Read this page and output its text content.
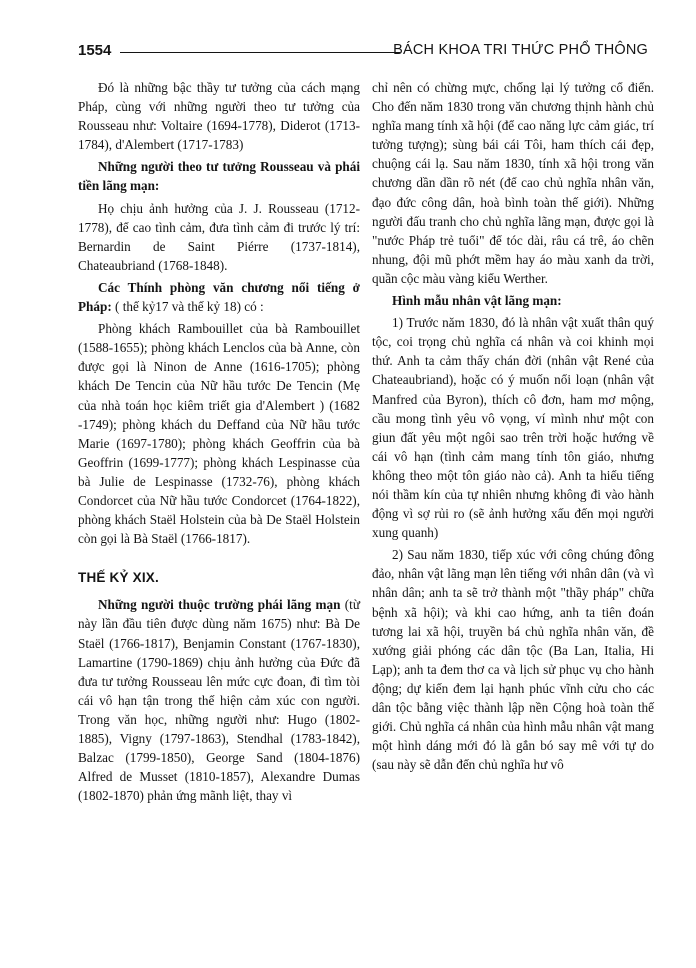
1554	BÁCH KHOA TRI THỨC PHỔ THÔNG

Đó là những bậc thầy tư tưởng của cách mạng Pháp, cùng với những người theo tư tưởng của Rousseau như: Voltaire (1694-1778), Diderot (1713-1784), d'Alembert (1717-1783)

Những người theo tư tưởng Rousseau và phái tiền lãng mạn:

Họ chịu ảnh hưởng của J. J. Rousseau (1712-1778), để cao tình cảm, đưa tình cảm đi trước lý trí: Bernardin de Saint Piérre (1737-1814), Chateaubriand (1768-1848).

Các Thính phòng văn chương nổi tiếng ở Pháp: ( thế kỷ17 và thế kỷ 18) có :

Phòng khách Rambouillet của bà Rambouillet (1588-1655); phòng khách Lenclos của bà Anne, còn được gọi là Ninon de Anne (1616-1705); phòng khách De Tencin của Nữ hầu tước De Tencin (Mẹ của nhà toán học kiêm triết gia d'Alembert ) (1682 -1749); phòng khách du Deffand của Nữ hầu tước Marie (1697-1780); phòng khách Geoffrin của bà Geoffrin (1699-1777); phòng khách Lespinasse của bà Julie de Lespinasse (1732-76), phòng khách Condorcet của Nữ hầu tước Condorcet (1764-1822), phòng khách Staël Holstein của bà De Staël Holstein còn gọi là Bà Staël (1766-1817).

THẾ KỶ XIX.

Những người thuộc trường phái lãng mạn (từ này lần đầu tiên được dùng năm 1675) như: Bà De Staël (1766-1817), Benjamin Constant (1767-1830), Lamartine (1790-1869) chịu ảnh hưởng của Đức đã đưa tư tưởng Rousseau lên mức cực đoan, đi tìm tòi cái vô hạn tận trong thế hiện cảm xúc con người. Trong văn học, những người như: Hugo (1802-1885), Vigny (1797-1863), Stendhal (1783-1842), Balzac (1799-1850), George Sand (1804-1876) Alfred de Musset (1810-1857), Alexandre Dumas (1802-1870) phản ứng mãnh liệt, thay vì

chỉ nên có chừng mực, chống lại lý tưởng cổ điển. Cho đến năm 1830 trong văn chương thịnh hành chủ nghĩa mang tính xã hội (để cao năng lực cảm giác, trí tưởng tượng); sùng bái cái Tôi, ham thích cái đẹp, chuộng cái lạ. Sau năm 1830, tính xã hội trong văn chương dần dần rõ nét (để cao chủ nghĩa nhân văn, đạo đức công dân, hoà bình toàn thế giới). Những người đấu tranh cho chủ nghĩa lãng mạn, được gọi là "nước Pháp trẻ tuổi" để tóc dài, râu cá trê, áo chẽn nhung, đội mũ phớt mềm hay áo màu xanh da trời, quần cộc màu vàng kiểu Werther.

Hình mẫu nhân vật lãng mạn:

1) Trước năm 1830, đó là nhân vật xuất thân quý tộc, coi trọng chủ nghĩa cá nhân và coi khinh mọi thứ. Anh ta cảm thấy chán đời (nhân vật René của Chateaubriand), hoặc có ý muốn nổi loạn (nhân vật Manfred của Byron), thích cô đơn, ham mơ mộng, cầu mong tình yêu vô vọng, ví mình như một con giun đất yêu một ngôi sao trên trời hoặc hướng về cái vô hạn (tình cảm mang tính tôn giáo, nhưng không theo một tôn giáo nào cả). Anh ta hiếu tiếng nói thầm kín của tự nhiên nhưng không đi vào hành động vì sợ rủi ro (sẽ ảnh hưởng xấu đến mọi người xung quanh)

2) Sau năm 1830, tiếp xúc với công chúng đông đảo, nhân vật lãng mạn lên tiếng với nhân dân (và vì nhân dân; anh ta sẽ trở thành một "thầy pháp" chữa bệnh xã hội); và khi cao hứng, anh ta tiên đoán tương lai xã hội, truyền bá chủ nghĩa nhân văn, đề xướng giải phóng các dân tộc (Ba Lan, Italia, Hi Lạp); anh ta đem thơ ca và lịch sử phục vụ cho hành động; dự kiến đem lại hạnh phúc vĩnh cửu cho các dân tộc bằng việc thành lập nền Cộng hoà toàn thế giới. Chủ nghĩa cá nhân của hình mẫu nhân vật mang một hình dáng mới đó là gắn bó say mê với tự do (sau này sẽ dẫn đến chủ nghĩa hư vô
